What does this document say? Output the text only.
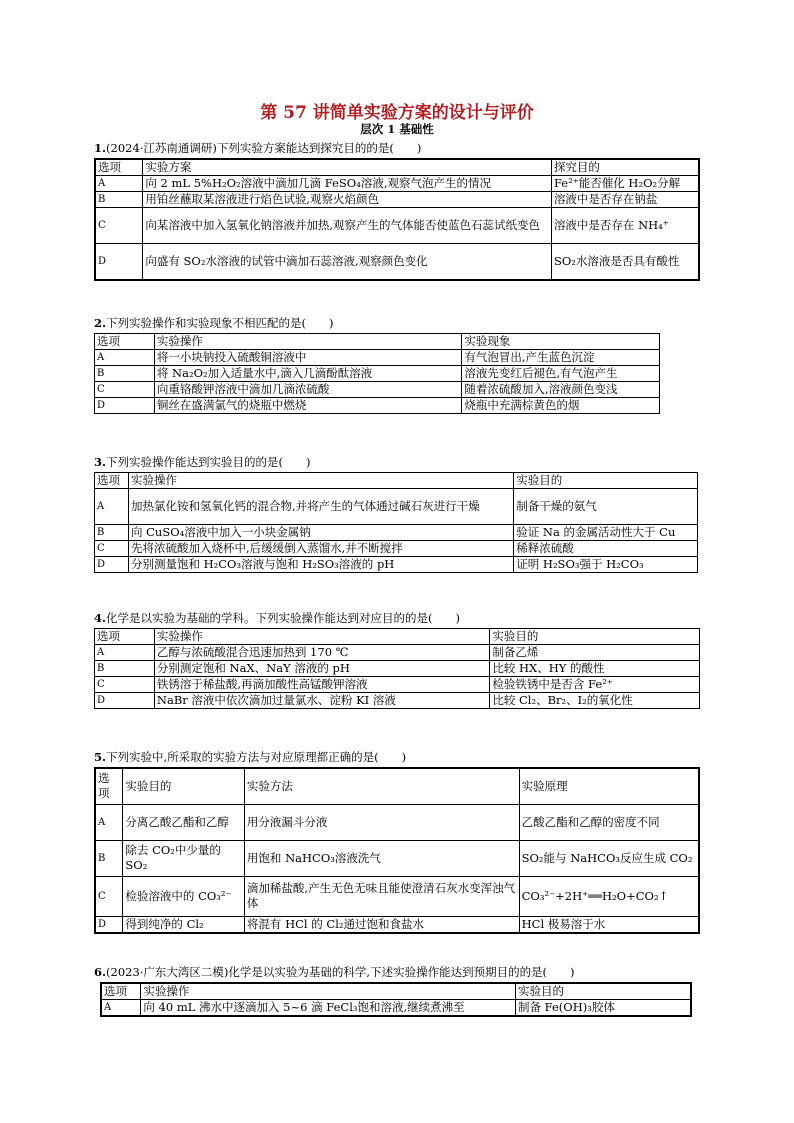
第 57 讲简单实验方案的设计与评价
层次 1 基础性
1.(2024·江苏南通调研)下列实验方案能达到探究目的的是(　　)
选项	实验方案	探究目的
A	向 2 mL 5%H₂O₂溶液中滴加几滴 FeSO₄溶液,观察气泡产生的情况	Fe²⁺能否催化 H₂O₂分解
B	用铂丝蘸取某溶液进行焰色试验,观察火焰颜色	溶液中是否存在钠盐
C	向某溶液中加入氢氧化钠溶液并加热,观察产生的气体能否使蓝色石蕊试纸变色	溶液中是否存在 NH₄⁺
D	向盛有 SO₂水溶液的试管中滴加石蕊溶液,观察颜色变化	SO₂水溶液是否具有酸性
2.下列实验操作和实验现象不相匹配的是(　　)
选项	实验操作	实验现象
A	将一小块钠投入硫酸铜溶液中	有气泡冒出,产生蓝色沉淀
B	将 Na₂O₂加入适量水中,滴入几滴酚酞溶液	溶液先变红后褪色,有气泡产生
C	向重铬酸钾溶液中滴加几滴浓硫酸	随着浓硫酸加入,溶液颜色变浅
D	铜丝在盛满氯气的烧瓶中燃烧	烧瓶中充满棕黄色的烟
3.下列实验操作能达到实验目的的是(　　)
选项	实验操作	实验目的
A	加热氯化铵和氢氧化钙的混合物,并将产生的气体通过碱石灰进行干燥	制备干燥的氨气
B	向 CuSO₄溶液中加入一小块金属钠	验证 Na 的金属活动性大于 Cu
C	先将浓硫酸加入烧杯中,后缓缓倒入蒸馏水,并不断搅拌	稀释浓硫酸
D	分别测量饱和 H₂CO₃溶液与饱和 H₂SO₃溶液的 pH	证明 H₂SO₃强于 H₂CO₃
4.化学是以实验为基础的学科。下列实验操作能达到对应目的的是(　　)
选项	实验操作	实验目的
A	乙醇与浓硫酸混合迅速加热到 170 ℃	制备乙烯
B	分别测定饱和 NaX、NaY 溶液的 pH	比较 HX、HY 的酸性
C	铁锈溶于稀盐酸,再滴加酸性高锰酸钾溶液	检验铁锈中是否含 Fe²⁺
D	NaBr 溶液中依次滴加过量氯水、淀粉 KI 溶液	比较 Cl₂、Br₂、I₂的氧化性
5.下列实验中,所采取的实验方法与对应原理都正确的是(　　)
选项	实验目的	实验方法	实验原理
A	分离乙酸乙酯和乙醇	用分液漏斗分液	乙酸乙酯和乙醇的密度不同
B	除去 CO₂中少量的 SO₂	用饱和 NaHCO₃溶液洗气	SO₂能与 NaHCO₃反应生成 CO₂
C	检验溶液中的 CO₃²⁻	滴加稀盐酸,产生无色无味且能使澄清石灰水变浑浊气体	CO₃²⁻+2H⁺══H₂O+CO₂↑
D	得到纯净的 Cl₂	将混有 HCl 的 Cl₂通过饱和食盐水	HCl 极易溶于水
6.(2023·广东大湾区二模)化学是以实验为基础的科学,下述实验操作能达到预期目的的是(　　)
选项	实验操作	实验目的
A	向 40 mL 沸水中逐滴加入 5~6 滴 FeCl₃饱和溶液,继续煮沸至	制备 Fe(OH)₃胶体
